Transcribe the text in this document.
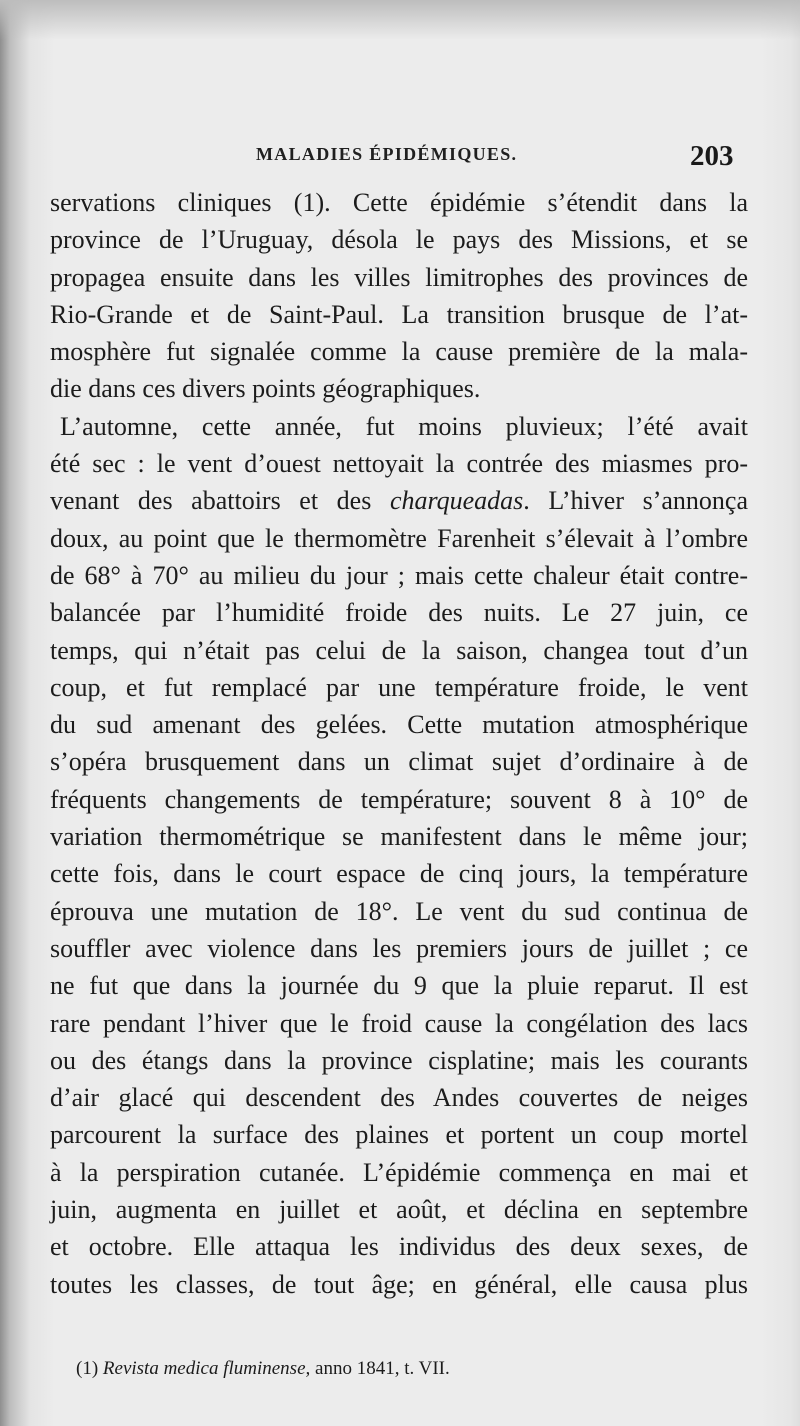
MALADIES ÉPIDÉMIQUES.	203
servations cliniques (1). Cette épidémie s’étendit dans la
province de l’Uruguay, désola le pays des Missions, et se
propagea ensuite dans les villes limitrophes des provinces de
Rio-Grande et de Saint-Paul. La transition brusque de l’at-
mosphère fut signalée comme la cause première de la mala-
die dans ces divers points géographiques.
L’automne, cette année, fut moins pluvieux; l’été avait
été sec : le vent d’ouest nettoyait la contrée des miasmes pro-
venant des abattoirs et des charqueadas. L’hiver s’annonça
doux, au point que le thermomètre Farenheit s’élevait à l’ombre
de 68° à 70° au milieu du jour ; mais cette chaleur était contre-
balancée par l’humidité froide des nuits. Le 27 juin, ce
temps, qui n’était pas celui de la saison, changea tout d’un
coup, et fut remplacé par une température froide, le vent
du sud amenant des gelées. Cette mutation atmosphérique
s’opéra brusquement dans un climat sujet d’ordinaire à de
fréquents changements de température; souvent 8 à 10° de
variation thermométrique se manifestent dans le même jour;
cette fois, dans le court espace de cinq jours, la température
éprouva une mutation de 18°. Le vent du sud continua de
souffler avec violence dans les premiers jours de juillet ; ce
ne fut que dans la journée du 9 que la pluie reparut. Il est
rare pendant l’hiver que le froid cause la congélation des lacs
ou des étangs dans la province cisplatine; mais les courants
d’air glacé qui descendent des Andes couvertes de neiges
parcourent la surface des plaines et portent un coup mortel
à la perspiration cutanée. L’épidémie commença en mai et
juin, augmenta en juillet et août, et déclina en septembre
et octobre. Elle attaqua les individus des deux sexes, de
toutes les classes, de tout âge; en général, elle causa plus
(1) Revista medica fluminense, anno 1841, t. VII.
